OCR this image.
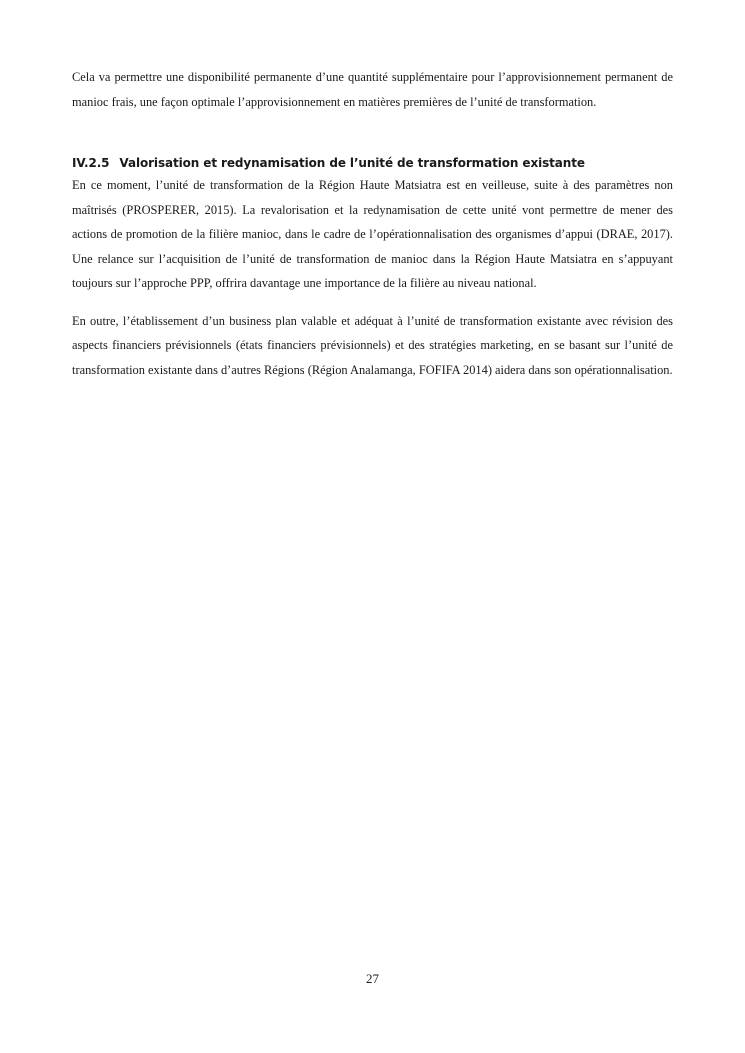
Cela va permettre une disponibilité permanente d’une quantité supplémentaire pour l’approvisionnement permanent de manioc frais, une façon optimale l’approvisionnement en matières premières de l’unité de transformation.

IV.2.5 Valorisation et redynamisation de l’unité de transformation existante

En ce moment, l’unité de transformation de la Région Haute Matsiatra est en veilleuse, suite à des paramètres non maîtrisés (PROSPERER, 2015). La revalorisation et la redynamisation de cette unité vont permettre de mener des actions de promotion de la filière manioc, dans le cadre de l’opérationnalisation des organismes d’appui (DRAE, 2017). Une relance sur l’acquisition de l’unité de transformation de manioc dans la Région Haute Matsiatra en s’appuyant toujours sur l’approche PPP, offrira davantage une importance de la filière au niveau national.

En outre, l’établissement d’un business plan valable et adéquat à l’unité de transformation existante avec révision des aspects financiers prévisionnels (états financiers prévisionnels) et des stratégies marketing, en se basant sur l’unité de transformation existante dans d’autres Régions (Région Analamanga, FOFIFA 2014) aidera dans son opérationnalisation.

27
